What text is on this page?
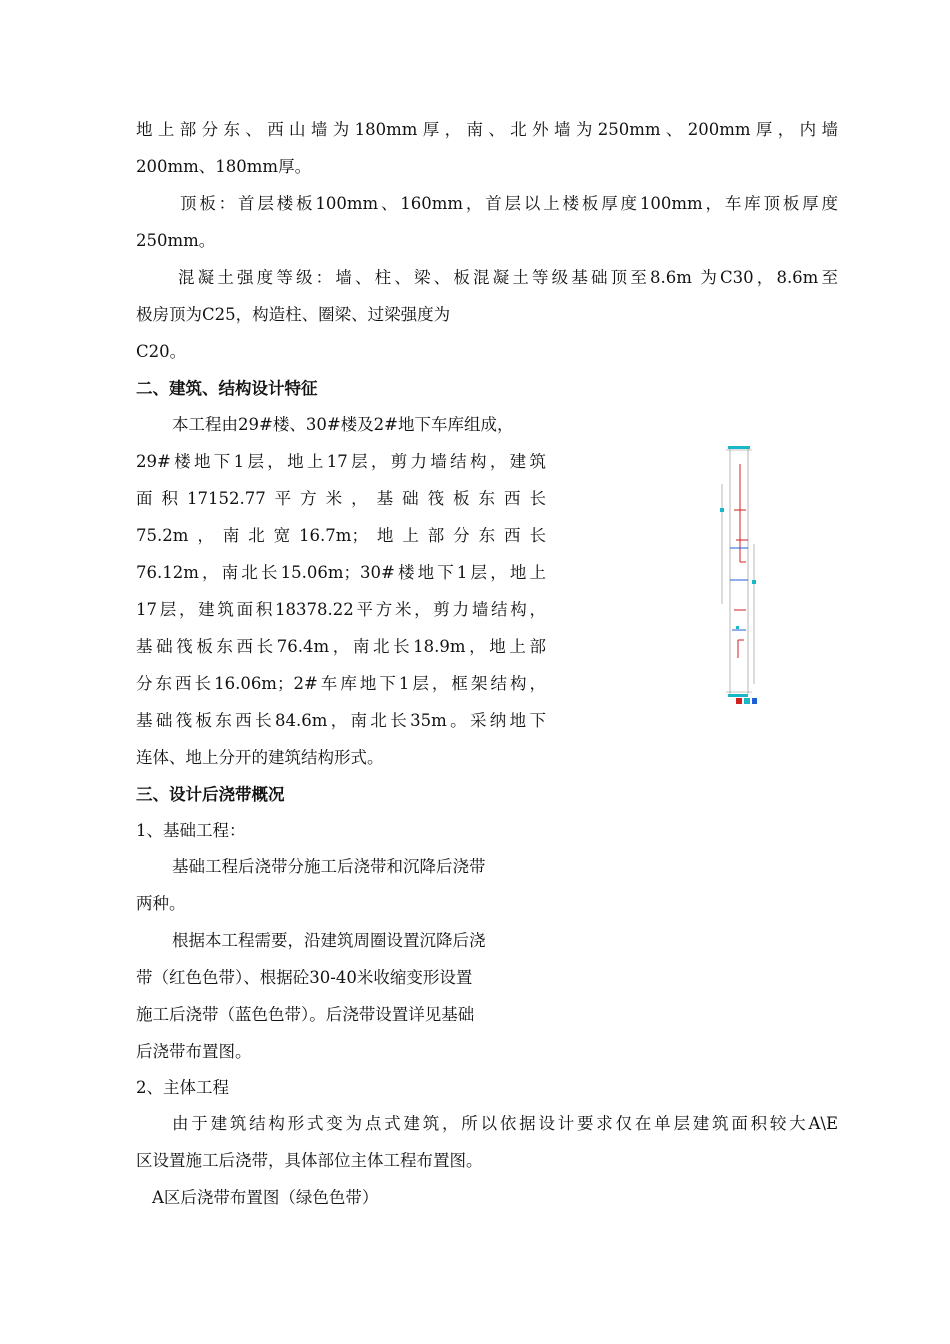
地上部分东、西山墙为180mm厚，南、北外墙为250mm、200mm厚，内墙
200mm、180mm厚。
顶板：首层楼板100mm、160mm，首层以上楼板厚度100mm，车库顶板厚度
250mm。
混凝土强度等级：墙、柱、梁、板混凝土等级基础顶至8.6m 为C30，8.6m至
极房顶为C25，构造柱、圈梁、过梁强度为
C20。
二、建筑、结构设计特征
本工程由29#楼、30#楼及2#地下车库组成，
29#楼地下1层，地上17层，剪力墙结构，建筑
面积17152.77平方米，基础筏板东西长
75.2m，南北宽16.7m；地上部分东西长
76.12m，南北长15.06m；30#楼地下1层，地上
17层，建筑面积18378.22平方米，剪力墙结构，
基础筏板东西长76.4m，南北长18.9m，地上部
分东西长16.06m；2#车库地下1层，框架结构，
基础筏板东西长84.6m，南北长35m。采纳地下
连体、地上分开的建筑结构形式。
三、设计后浇带概况
1、基础工程：
基础工程后浇带分施工后浇带和沉降后浇带
两种。
根据本工程需要，沿建筑周圈设置沉降后浇
带（红色色带）、根据砼30-40米收缩变形设置
施工后浇带（蓝色色带）。后浇带设置详见基础
后浇带布置图。
2、主体工程
由于建筑结构形式变为点式建筑，所以依据设计要求仅在单层建筑面积较大A\E
区设置施工后浇带，具体部位主体工程布置图。
A区后浇带布置图（绿色色带）
